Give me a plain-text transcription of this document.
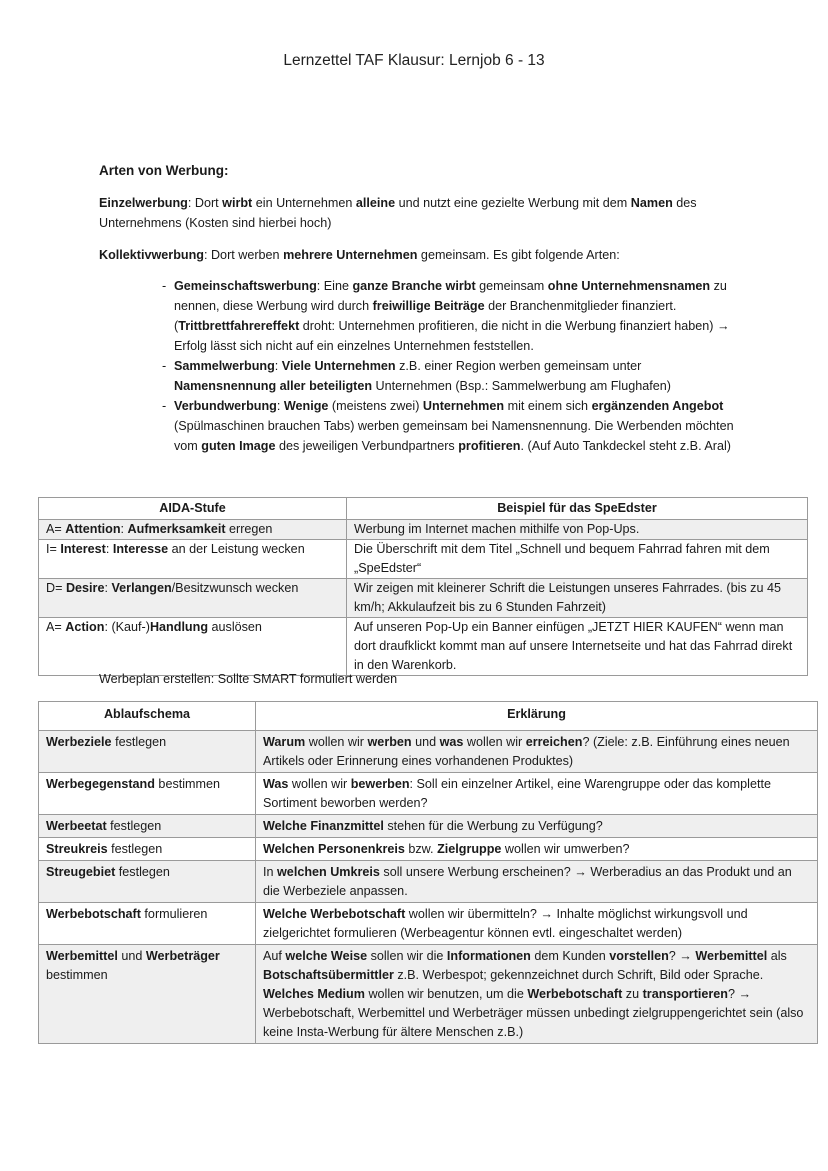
Lernzettel TAF Klausur: Lernjob 6 - 13
Arten von Werbung:
Einzelwerbung: Dort wirbt ein Unternehmen alleine und nutzt eine gezielte Werbung mit dem Namen des Unternehmens (Kosten sind hierbei hoch)
Kollektivwerbung: Dort werben mehrere Unternehmen gemeinsam. Es gibt folgende Arten:
- Gemeinschaftswerbung: Eine ganze Branche wirbt gemeinsam ohne Unternehmensnamen zu nennen, diese Werbung wird durch freiwillige Beiträge der Branchenmitglieder finanziert. (Trittbrettfahrereffekt droht: Unternehmen profitieren, die nicht in die Werbung finanziert haben) → Erfolg lässt sich nicht auf ein einzelnes Unternehmen feststellen.
- Sammelwerbung: Viele Unternehmen z.B. einer Region werben gemeinsam unter Namensnennung aller beteiligten Unternehmen (Bsp.: Sammelwerbung am Flughafen)
- Verbundwerbung: Wenige (meistens zwei) Unternehmen mit einem sich ergänzenden Angebot (Spülmaschinen brauchen Tabs) werben gemeinsam bei Namensnennung. Die Werbenden möchten vom guten Image des jeweiligen Verbundpartners profitieren. (Auf Auto Tankdeckel steht z.B. Aral)
AIDA-Stufe	Beispiel für das SpeEdster
A= Attention: Aufmerksamkeit erregen	Werbung im Internet machen mithilfe von Pop-Ups.
I= Interest: Interesse an der Leistung wecken	Die Überschrift mit dem Titel „Schnell und bequem Fahrrad fahren mit dem „SpeEdster“
D= Desire: Verlangen/Besitzwunsch wecken	Wir zeigen mit kleinerer Schrift die Leistungen unseres Fahrrades. (bis zu 45 km/h; Akkulaufzeit bis zu 6 Stunden Fahrzeit)
A= Action: (Kauf-)Handlung auslösen	Auf unseren Pop-Up ein Banner einfügen „JETZT HIER KAUFEN“ wenn man dort draufklickt kommt man auf unsere Internetseite und hat das Fahrrad direkt in den Warenkorb.
Werbeplan erstellen: Sollte SMART formuliert werden
Ablaufschema	Erklärung
Werbeziele festlegen	Warum wollen wir werben und was wollen wir erreichen? (Ziele: z.B. Einführung eines neuen Artikels oder Erinnerung eines vorhandenen Produktes)
Werbegegenstand bestimmen	Was wollen wir bewerben: Soll ein einzelner Artikel, eine Warengruppe oder das komplette Sortiment beworben werden?
Werbeetat festlegen	Welche Finanzmittel stehen für die Werbung zu Verfügung?
Streukreis festlegen	Welchen Personenkreis bzw. Zielgruppe wollen wir umwerben?
Streugebiet festlegen	In welchen Umkreis soll unsere Werbung erscheinen? → Werberadius an das Produkt und an die Werbeziele anpassen.
Werbebotschaft formulieren	Welche Werbebotschaft wollen wir übermitteln? → Inhalte möglichst wirkungsvoll und zielgerichtet formulieren (Werbeagentur können evtl. eingeschaltet werden)
Werbemittel und Werbeträger bestimmen	Auf welche Weise sollen wir die Informationen dem Kunden vorstellen? → Werbemittel als Botschaftsübermittler z.B. Werbespot; gekennzeichnet durch Schrift, Bild oder Sprache.
Welches Medium wollen wir benutzen, um die Werbebotschaft zu transportieren? → Werbebotschaft, Werbemittel und Werbeträger müssen unbedingt zielgruppengerichtet sein (also keine Insta-Werbung für ältere Menschen z.B.)
